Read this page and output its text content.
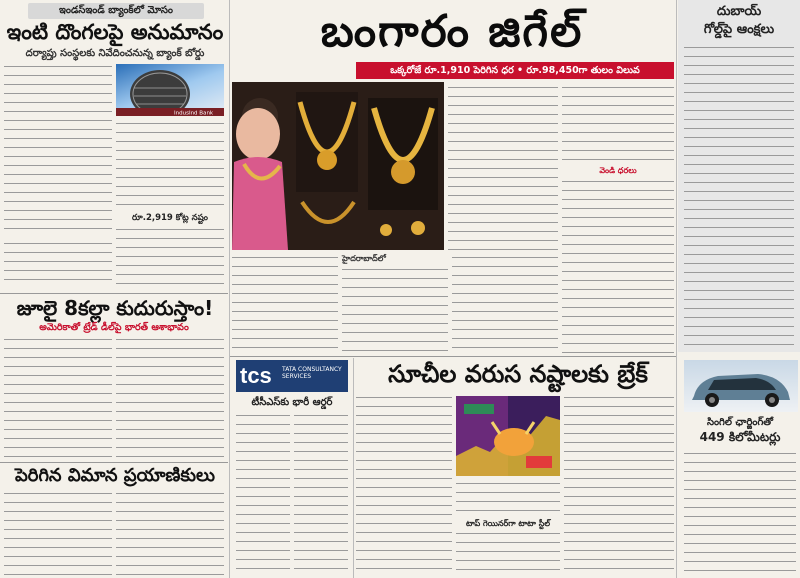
ఇండస్‌ఇండ్ బ్యాంక్‌లో మోసం
ఇంటి దొంగలపై అనుమానం
దర్యాప్తు సంస్థలకు నివేదించనున్న బ్యాంక్ బోర్డు
IndusInd Bank
రూ.2,919 కోట్ల నష్టం
జూలై 8కల్లా కుదురుస్తాం!
అమెరికాతో ట్రేడ్ డీల్‌పై భారత్ ఆశాభావం
పెరిగిన విమాన ప్రయాణికులు
బంగారం జిగేల్
ఒక్కరోజే రూ.1,910 పెరిగిన ధర • రూ.98,450గా తులం విలువ
వెండి ధరలు
హైదరాబాద్‌లో
దుబాయ్
గోల్డ్‌పై ఆంక్షలు
tcs TATA CONSULTANCY SERVICES
టీసీఎస్‌కు భారీ ఆర్డర్
సూచీల వరుస నష్టాలకు బ్రేక్
టాప్ గెయినర్‌గా టాటా స్టీల్
సింగిల్ ఛార్జింగ్‌తో
449 కిలోమీటర్లు
